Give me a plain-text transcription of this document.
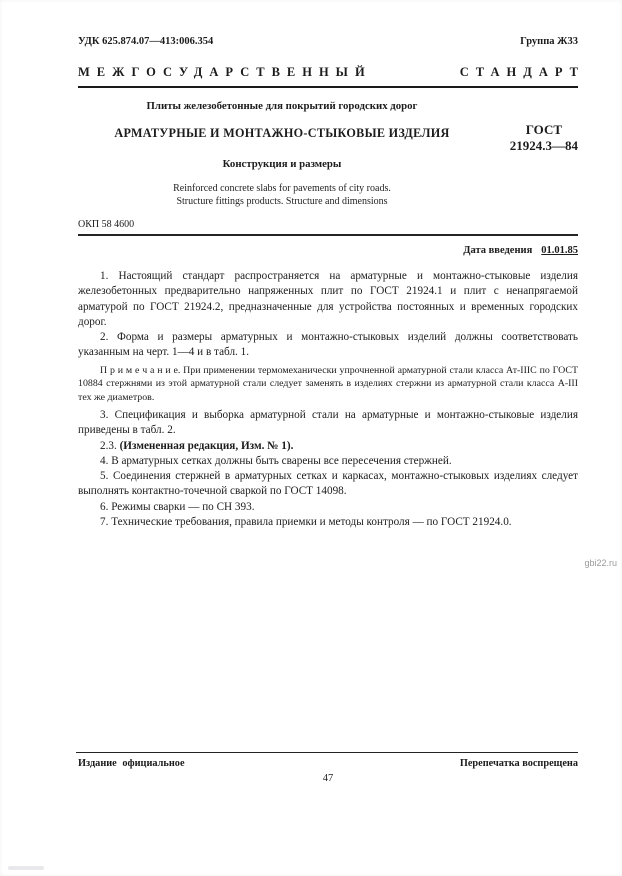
УДК 625.874.07—413:006.354	Группа Ж33
МЕЖГОСУДАРСТВЕННЫЙ	СТАНДАРТ

Плиты железобетонные для покрытий городских дорог

АРМАТУРНЫЕ И МОНТАЖНО-СТЫКОВЫЕ ИЗДЕЛИЯ

Конструкция и размеры

Reinforced concrete slabs for pavements of city roads.

Structure fittings products. Structure and dimensions

ГОСТ
21924.3—84
ОКП 58 4600
Дата введения 01.01.85

1. Настоящий стандарт распространяется на арматурные и монтажно-стыковые изделия железобетонных предварительно напряженных плит по ГОСТ 21924.1 и плит с ненапрягаемой арматурой по ГОСТ 21924.2, предназначенные для устройства постоянных и временных городских дорог.

2. Форма и размеры арматурных и монтажно-стыковых изделий должны соответствовать указанным на черт. 1—4 и в табл. 1.

П р и м е ч а н и е. При применении термомеханически упрочненной арматурной стали класса Ат-IIIС по ГОСТ 10884 стержнями из этой арматурной стали следует заменять в изделиях стержни из арматурной стали класса А-III тех же диаметров.

3. Спецификация и выборка арматурной стали на арматурные и монтажно-стыковые изделия приведены в табл. 2.

2.3. (Измененная редакция, Изм. № 1).

4. В арматурных сетках должны быть сварены все пересечения стержней.

5. Соединения стержней в арматурных сетках и каркасах, монтажно-стыковых изделиях следует выполнять контактно-точечной сваркой по ГОСТ 14098.

6. Режимы сварки — по СН 393.

7. Технические требования, правила приемки и методы контроля — по ГОСТ 21924.0.

gbi22.ru
Издание официальное	Перепечатка воспрещена
47
